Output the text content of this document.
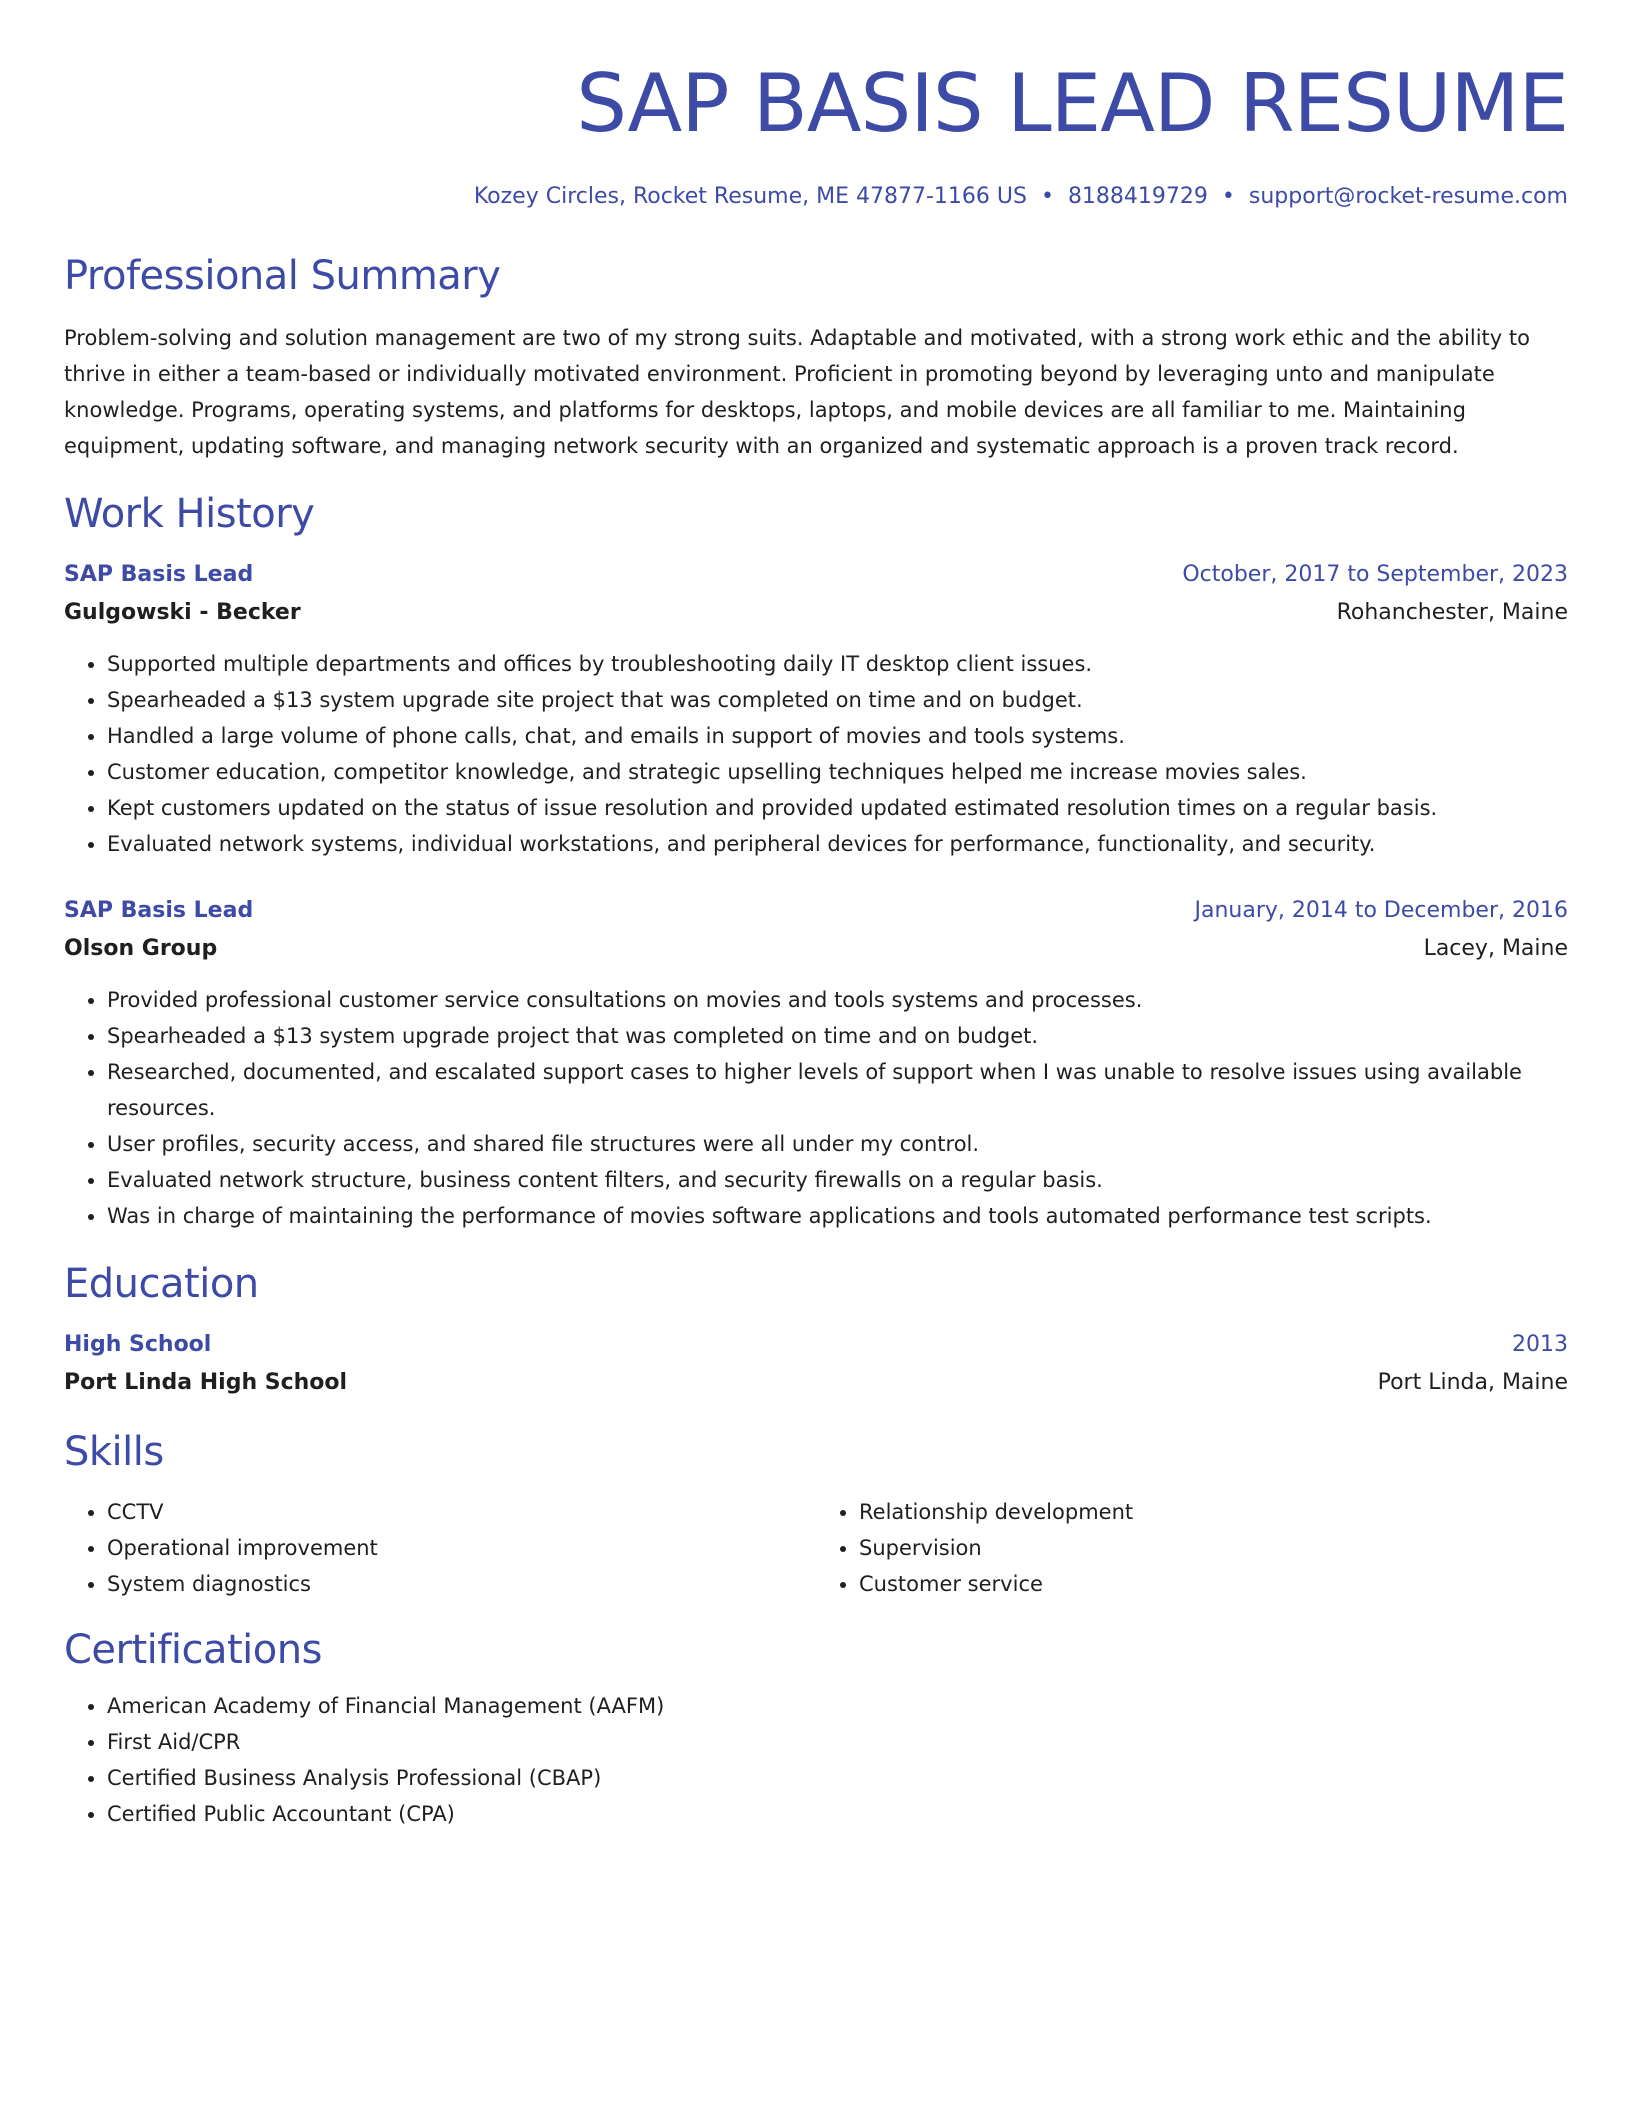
SAP BASIS LEAD RESUME
Kozey Circles, Rocket Resume, ME 47877-1166 US • 8188419729 • support@rocket-resume.com
Professional Summary

Problem-solving and solution management are two of my strong suits. Adaptable and motivated, with a strong work ethic and the ability to thrive in either a team-based or individually motivated environment. Proficient in promoting beyond by leveraging unto and manipulate knowledge. Programs, operating systems, and platforms for desktops, laptops, and mobile devices are all familiar to me. Maintaining equipment, updating software, and managing network security with an organized and systematic approach is a proven track record.

Work History
SAP Basis Lead	October, 2017 to September, 2023
Gulgowski - Becker	Rohanchester, Maine
• Supported multiple departments and offices by troubleshooting daily IT desktop client issues.
• Spearheaded a $13 system upgrade site project that was completed on time and on budget.
• Handled a large volume of phone calls, chat, and emails in support of movies and tools systems.
• Customer education, competitor knowledge, and strategic upselling techniques helped me increase movies sales.
• Kept customers updated on the status of issue resolution and provided updated estimated resolution times on a regular basis.
• Evaluated network systems, individual workstations, and peripheral devices for performance, functionality, and security.
SAP Basis Lead	January, 2014 to December, 2016
Olson Group	Lacey, Maine
• Provided professional customer service consultations on movies and tools systems and processes.
• Spearheaded a $13 system upgrade project that was completed on time and on budget.
• Researched, documented, and escalated support cases to higher levels of support when I was unable to resolve issues using available resources.
• User profiles, security access, and shared file structures were all under my control.
• Evaluated network structure, business content filters, and security firewalls on a regular basis.
• Was in charge of maintaining the performance of movies software applications and tools automated performance test scripts.
Education
High School	2013
Port Linda High School	Port Linda, Maine
Skills
• CCTV
• Operational improvement
• System diagnostics
• Relationship development
• Supervision
• Customer service
Certifications
• American Academy of Financial Management (AAFM)
• First Aid/CPR
• Certified Business Analysis Professional (CBAP)
• Certified Public Accountant (CPA)
